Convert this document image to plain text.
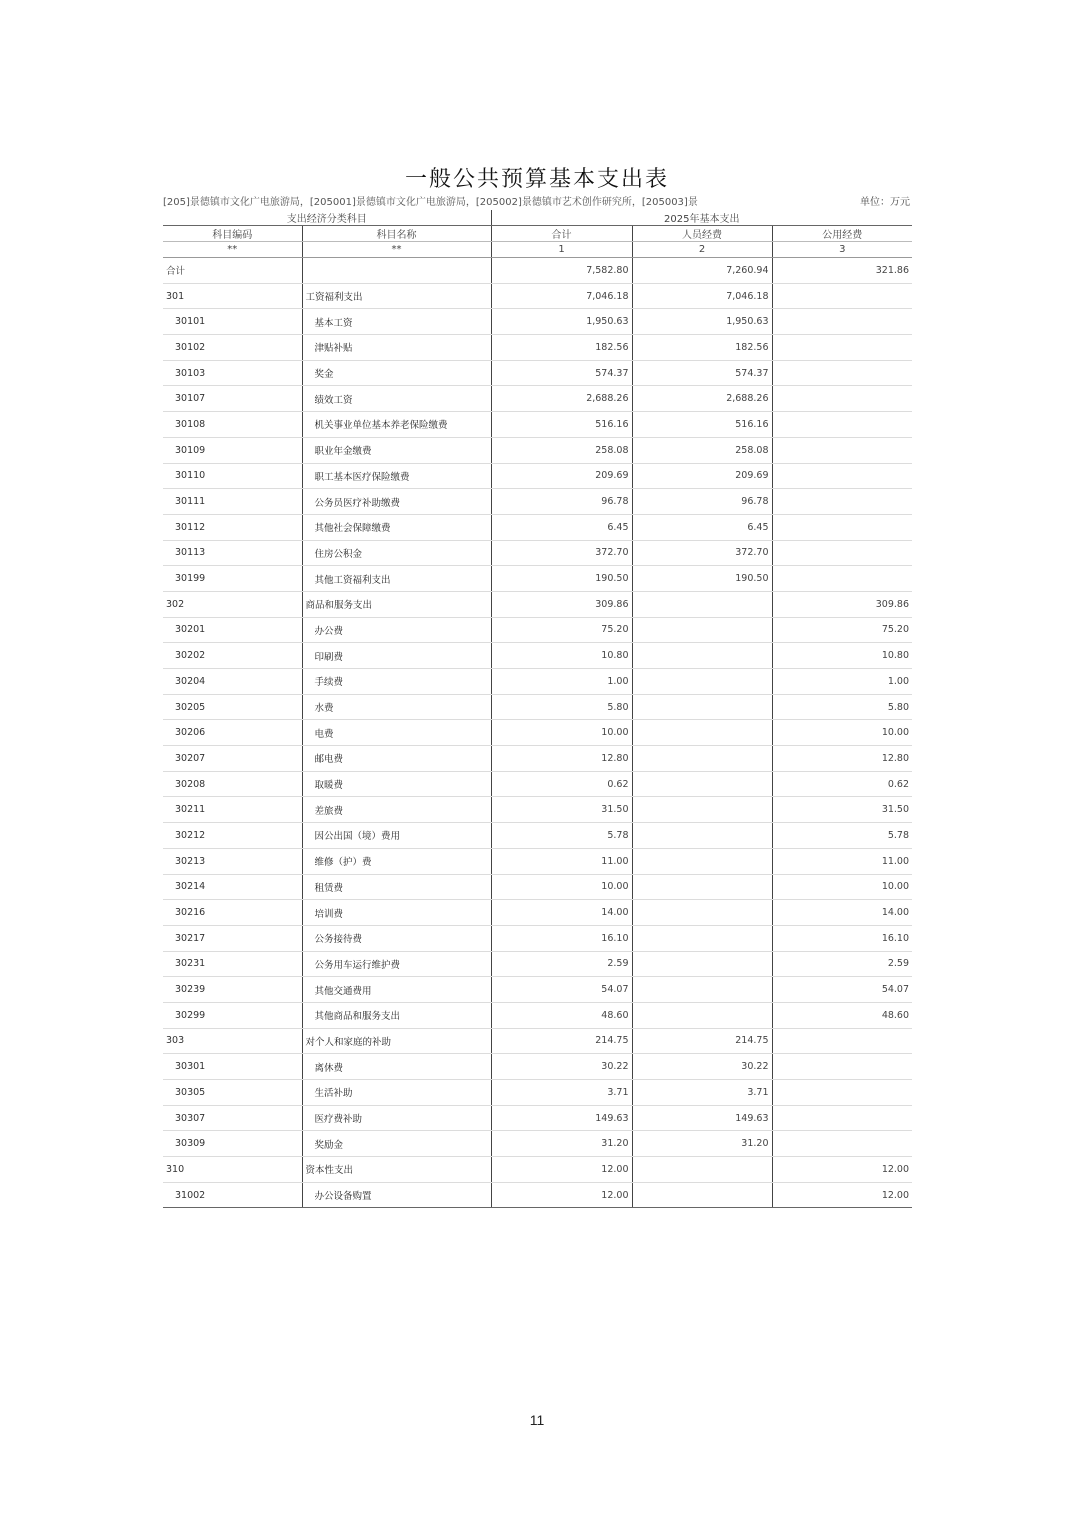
一般公共预算基本支出表
[205]景德镇市文化广电旅游局，[205001]景德镇市文化广电旅游局，[205002]景德镇市艺术创作研究所，[205003]景	单位：万元
支出经济分类科目		2025年基本支出		
科目编码	科目名称	合计	人员经费	公用经费
**	**	1	2	3
合计		7,582.80	7,260.94	321.86
301	工资福利支出	7,046.18	7,046.18	
30101	基本工资	1,950.63	1,950.63	
30102	津贴补贴	182.56	182.56	
30103	奖金	574.37	574.37	
30107	绩效工资	2,688.26	2,688.26	
30108	机关事业单位基本养老保险缴费	516.16	516.16	
30109	职业年金缴费	258.08	258.08	
30110	职工基本医疗保险缴费	209.69	209.69	
30111	公务员医疗补助缴费	96.78	96.78	
30112	其他社会保障缴费	6.45	6.45	
30113	住房公积金	372.70	372.70	
30199	其他工资福利支出	190.50	190.50	
302	商品和服务支出	309.86		309.86
30201	办公费	75.20		75.20
30202	印刷费	10.80		10.80
30204	手续费	1.00		1.00
30205	水费	5.80		5.80
30206	电费	10.00		10.00
30207	邮电费	12.80		12.80
30208	取暖费	0.62		0.62
30211	差旅费	31.50		31.50
30212	因公出国（境）费用	5.78		5.78
30213	维修（护）费	11.00		11.00
30214	租赁费	10.00		10.00
30216	培训费	14.00		14.00
30217	公务接待费	16.10		16.10
30231	公务用车运行维护费	2.59		2.59
30239	其他交通费用	54.07		54.07
30299	其他商品和服务支出	48.60		48.60
303	对个人和家庭的补助	214.75	214.75	
30301	离休费	30.22	30.22	
30305	生活补助	3.71	3.71	
30307	医疗费补助	149.63	149.63	
30309	奖励金	31.20	31.20	
310	资本性支出	12.00		12.00
31002	办公设备购置	12.00		12.00
11
